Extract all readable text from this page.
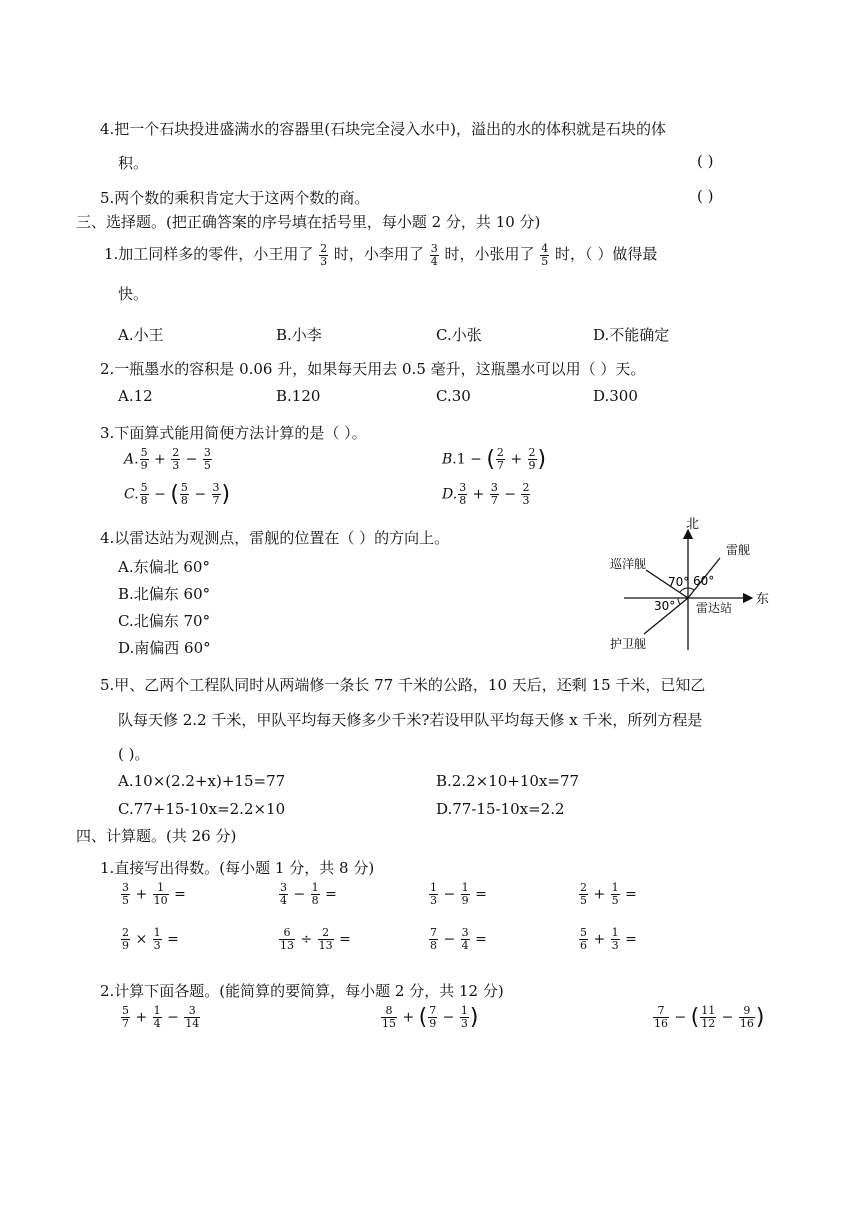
4.把一个石块投进盛满水的容器里(石块完全浸入水中)，溢出的水的体积就是石块的体
积。	( )
5.两个数的乘积肯定大于这两个数的商。	( )
三、选择题。(把正确答案的序号填在括号里，每小题 2 分，共 10 分)
1.加工同样多的零件，小王用了 $\frac{2}{3}$ 时，小李用了 $\frac{3}{4}$ 时，小张用了 $\frac{4}{5}$ 时，（ ）做得最
快。
A.小王	B.小李	C.小张	D.不能确定
2.一瓶墨水的容积是 0.06 升，如果每天用去 0.5 毫升，这瓶墨水可以用（ ）天。
A.12	B.120	C.30	D.300
3.下面算式能用简便方法计算的是（ ）。
A. $\frac{5}{9} + \frac{2}{3} - \frac{3}{5}$	B.1 − ( $\frac{2}{7} + \frac{2}{9}$ )
C. $\frac{5}{8}$ − ( $\frac{5}{8} - \frac{3}{7}$ )	D. $\frac{3}{8} + \frac{3}{7} - \frac{2}{3}$
4.以雷达站为观测点，雷舰的位置在（ ）的方向上。
A.东偏北 60°
B.北偏东 60°
C.北偏东 70°
D.南偏西 60°
北
东
巡洋舰
雷舰
护卫舰
雷达站
70° 60°
30°
5.甲、乙两个工程队同时从两端修一条长 77 千米的公路，10 天后，还剩 15 千米，已知乙
队每天修 2.2 千米，甲队平均每天修多少千米?若设甲队平均每天修 x 千米，所列方程是
( )。
A.10×(2.2+x)+15=77	B.2.2×10+10x=77
C.77+15-10x=2.2×10	D.77-15-10x=2.2
四、计算题。(共 26 分)
1.直接写出得数。(每小题 1 分，共 8 分)
$\frac{3}{5} + \frac{1}{10}$ =	$\frac{3}{4} - \frac{1}{8}$ =	$\frac{1}{3} - \frac{1}{9}$ =	$\frac{2}{5} + \frac{1}{5}$ =
$\frac{2}{9} \times \frac{1}{3}$ =	$\frac{6}{13} \div \frac{2}{13}$ =	$\frac{7}{8} - \frac{3}{4}$ =	$\frac{5}{6} + \frac{1}{3}$ =
2.计算下面各题。(能简算的要简算，每小题 2 分，共 12 分)
$\frac{5}{7} + \frac{1}{4} - \frac{3}{14}$	$\frac{8}{15}$ + ( $\frac{7}{9} - \frac{1}{3}$ )	$\frac{7}{16}$ − ( $\frac{11}{12} - \frac{9}{16}$ )
